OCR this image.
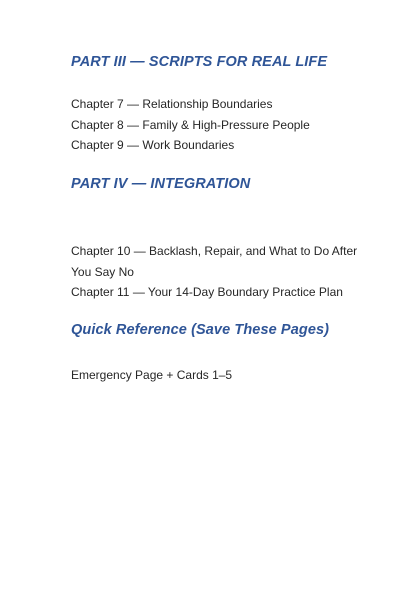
PART III — SCRIPTS FOR REAL LIFE
Chapter 7 — Relationship Boundaries
Chapter 8 — Family & High-Pressure People
Chapter 9 — Work Boundaries
PART IV — INTEGRATION
Chapter 10 — Backlash, Repair, and What to Do After You Say No
Chapter 11 — Your 14-Day Boundary Practice Plan
Quick Reference (Save These Pages)
Emergency Page + Cards 1–5
